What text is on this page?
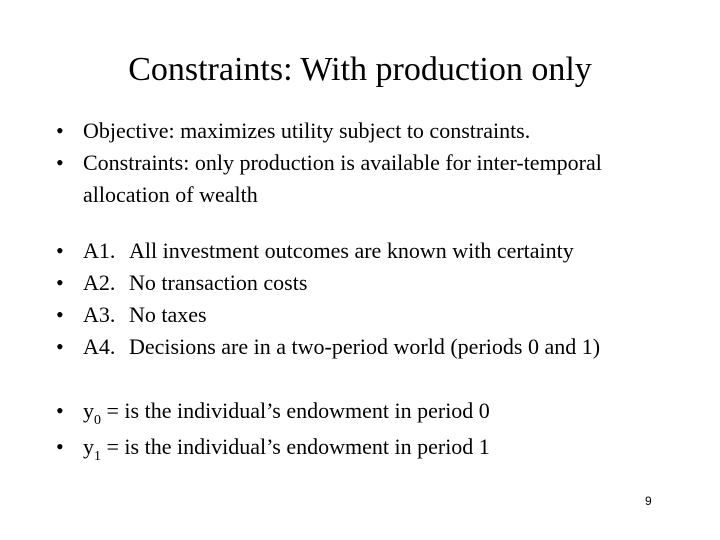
Constraints: With production only
• Objective: maximizes utility subject to constraints.
• Constraints: only production is available for inter-temporal allocation of wealth
• A1. All investment outcomes are known with certainty
• A2. No transaction costs
• A3. No taxes
• A4. Decisions are in a two-period world (periods 0 and 1)
• $y_0$ = is the individual’s endowment in period 0
• $y_1$ = is the individual’s endowment in period 1
9
